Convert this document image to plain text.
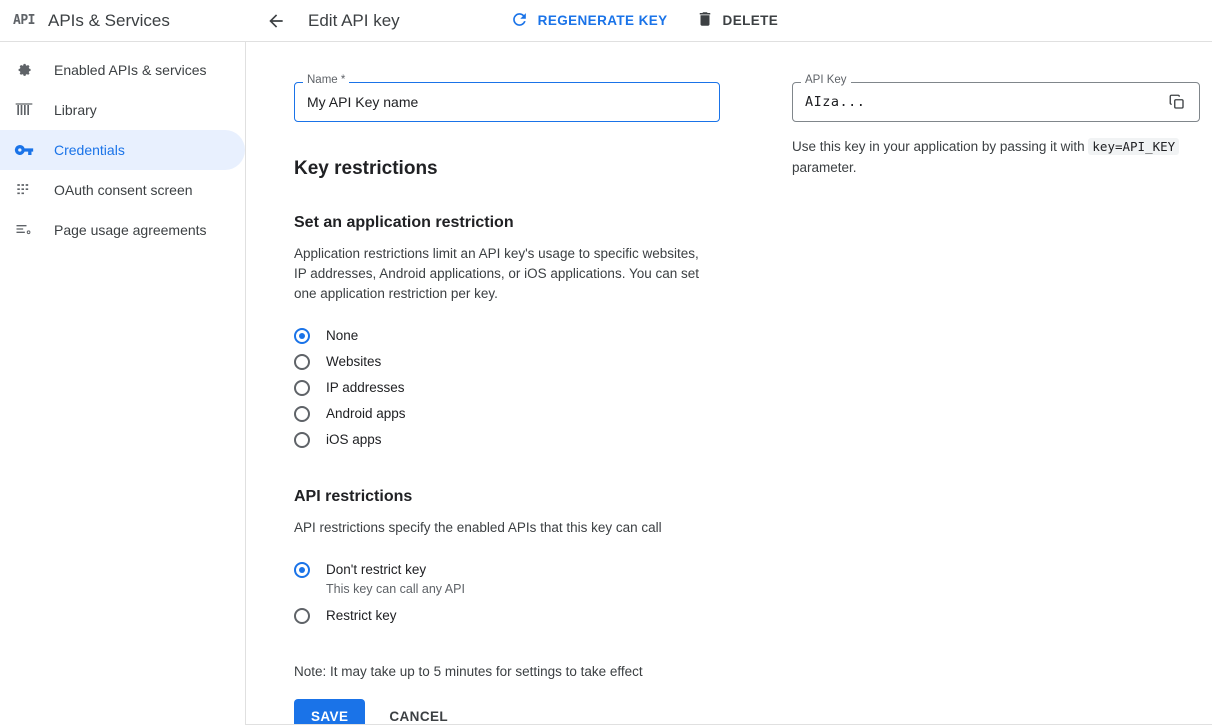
API APIs & Services	Edit API key	REGENERATE KEY	DELETE
Enabled APIs & services
Library
Credentials
OAuth consent screen
Page usage agreements
Name *
My API Key name
Key restrictions
Set an application restriction
Application restrictions limit an API key's usage to specific websites, IP addresses, Android applications, or iOS applications. You can set one application restriction per key.
None
Websites
IP addresses
Android apps
iOS apps
API restrictions
API restrictions specify the enabled APIs that this key can call
Don't restrict key
This key can call any API
Restrict key
Note: It may take up to 5 minutes for settings to take effect
SAVE	CANCEL
API Key
AIza...
Use this key in your application by passing it with key=API_KEY parameter.
